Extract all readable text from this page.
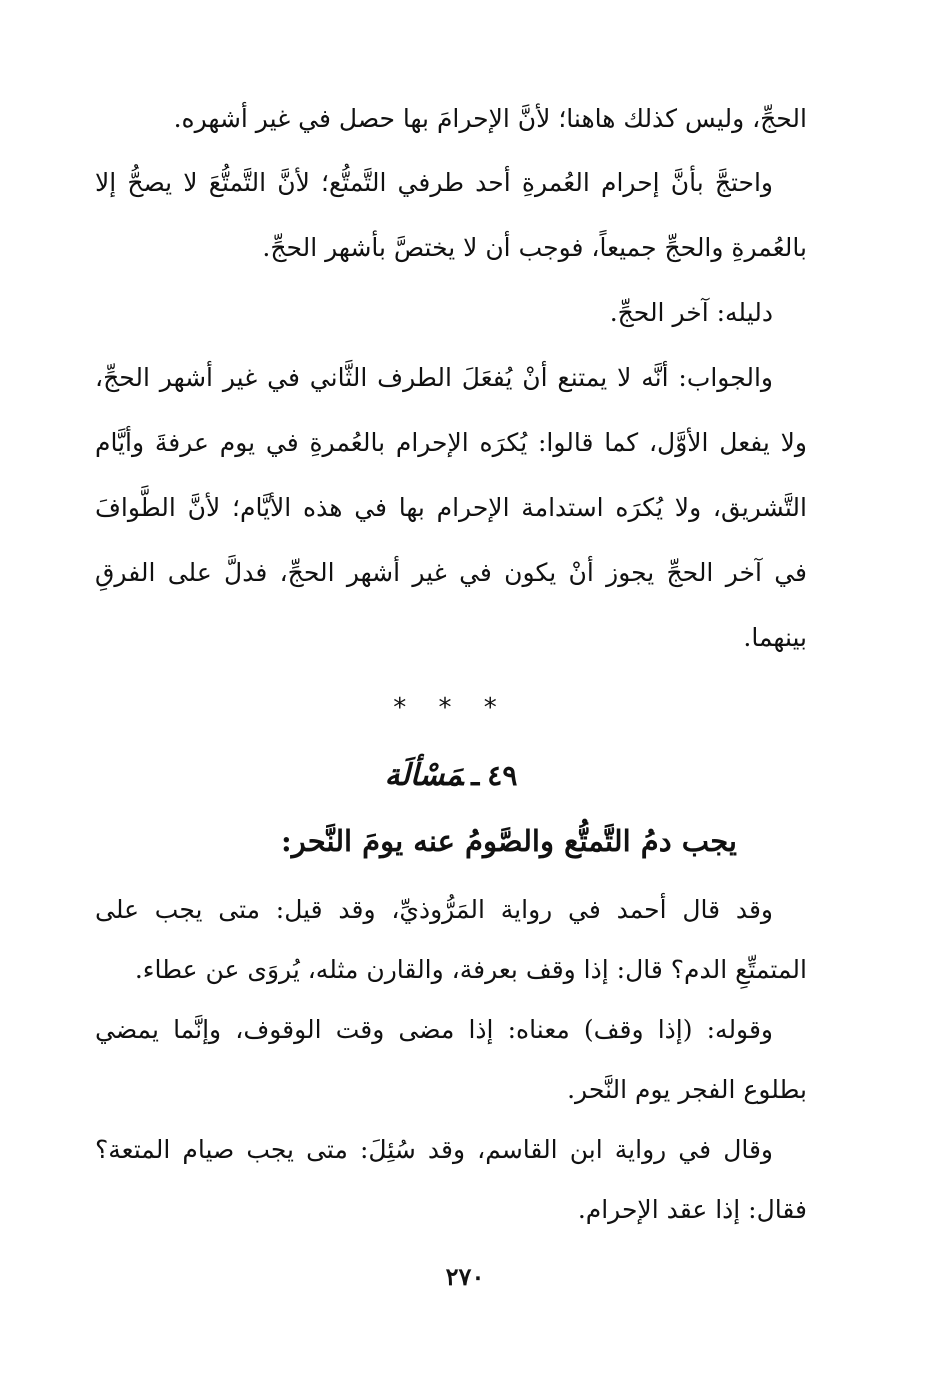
الحجِّ، وليس كذلك هاهنا؛ لأنَّ الإحرامَ بها حصل في غير أشهره.

واحتجَّ بأنَّ إحرام العُمرةِ أحد طرفي التَّمتُّع؛ لأنَّ التَّمتُّعَ لا يصحُّ إلا بالعُمرةِ والحجِّ جميعاً، فوجب أن لا يختصَّ بأشهر الحجِّ.

دليله: آخر الحجِّ.

والجواب: أنَّه لا يمتنع أنْ يُفعَلَ الطرف الثَّاني في غير أشهر الحجِّ، ولا يفعل الأوَّل، كما قالوا: يُكرَه الإحرام بالعُمرةِ في يوم عرفةَ وأيَّام التَّشريق، ولا يُكرَه استدامة الإحرام بها في هذه الأيَّام؛ لأنَّ الطَّوافَ في آخر الحجِّ يجوز أنْ يكون في غير أشهر الحجِّ، فدلَّ على الفرقِ بينهما.

* * *
٤٩ـمَسْألَة

يجب دمُ التَّمتُّع والصَّومُ عنه يومَ النَّحر:

وقد قال أحمد في رواية المَرُّوذيِّ، وقد قيل: متى يجب على المتمتِّعِ الدم؟ قال: إذا وقف بعرفة، والقارن مثله، يُروَى عن عطاء.

وقوله: (إذا وقف) معناه: إذا مضى وقت الوقوف، وإنَّما يمضي بطلوع الفجر يوم النَّحر.

وقال في رواية ابن القاسم، وقد سُئِلَ: متى يجب صيام المتعة؟ فقال: إذا عقد الإحرام.

٢٧٠
